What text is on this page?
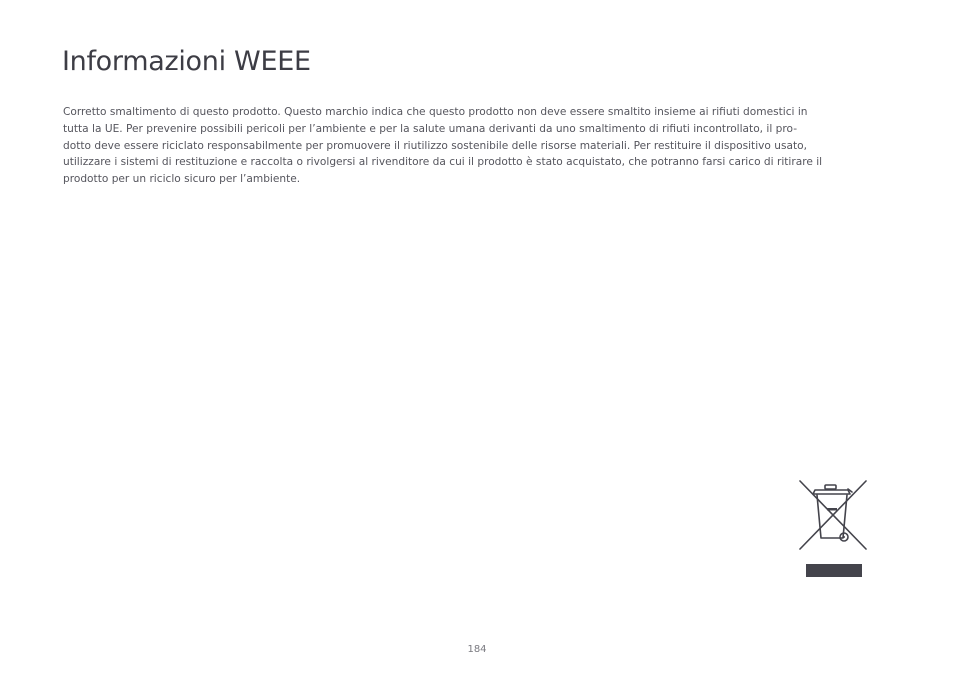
Informazioni WEEE

Corretto smaltimento di questo prodotto. Questo marchio indica che questo prodotto non deve essere smaltito insieme ai rifiuti domestici in
tutta la UE. Per prevenire possibili pericoli per l’ambiente e per la salute umana derivanti da uno smaltimento di rifiuti incontrollato, il pro-
dotto deve essere riciclato responsabilmente per promuovere il riutilizzo sostenibile delle risorse materiali. Per restituire il dispositivo usato,
utilizzare i sistemi di restituzione e raccolta o rivolgersi al rivenditore da cui il prodotto è stato acquistato, che potranno farsi carico di ritirare il
prodotto per un riciclo sicuro per l’ambiente.

184
